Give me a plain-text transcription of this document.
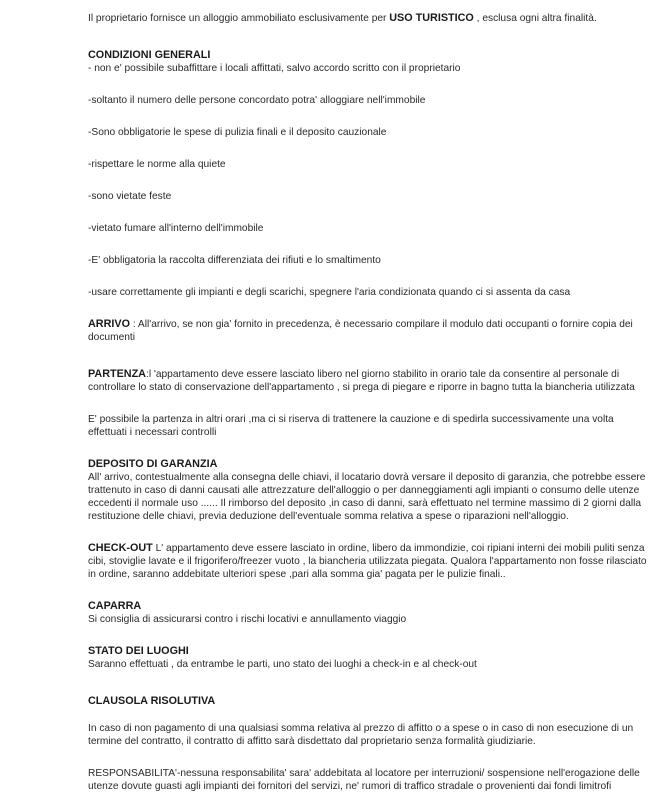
Il proprietario fornisce un alloggio ammobiliato esclusivamente per USO TURISTICO , esclusa ogni altra finalità.

CONDIZIONI GENERALI

- non e' possibile subaffittare i locali affittati, salvo accordo scritto con il proprietario

-soltanto il numero delle persone concordato potra' alloggiare nell'immobile

-Sono obbligatorie le spese di pulizia finali e il deposito cauzionale

-rispettare le norme alla quiete

-sono vietate feste

-vietato fumare all'interno dell'immobile

-E' obbligatoria la raccolta differenziata dei rifiuti e lo smaltimento

-usare correttamente gli impianti e degli scarichi, spegnere l'aria condizionata quando ci si assenta da casa

ARRIVO : All'arrivo, se non gia' fornito in precedenza, è necessario compilare il modulo dati occupanti o fornire copia dei documenti

PARTENZA:l 'appartamento deve essere lasciato libero nel giorno stabilito in orario tale da consentire al personale di controllare lo stato di conservazione dell'appartamento , si prega di piegare e riporre in bagno tutta la biancheria utilizzata

E' possibile la partenza in altri orari ,ma ci si riserva di trattenere la cauzione e di spedirla successivamente una volta effettuati i necessari controlli

DEPOSITO DI GARANZIA

All' arrivo, contestualmente alla consegna delle chiavi, il locatario dovrà versare il deposito di garanzia, che potrebbe essere trattenuto in caso di danni causati alle attrezzature dell'alloggio o per danneggiamenti agli impianti o consumo delle utenze eccedenti il normale uso ...... Il rimborso del deposito ,in caso di danni, sarà effettuato nel termine massimo di 2 giorni dalla restituzione delle chiavi, previa deduzione dell'eventuale somma relativa a spese o riparazioni nell'alloggio.

CHECK-OUT L' appartamento deve essere lasciato in ordine, libero da immondizie, coi ripiani interni dei mobili puliti senza cibi, stoviglie lavate e il frigorifero/freezer vuoto , la biancheria utilizzata piegata. Qualora l'appartamento non fosse rilasciato in ordine, saranno addebitate ulteriori spese ,pari alla somma gia' pagata per le pulizie finali..

CAPARRA

Si consiglia di assicurarsi contro i rischi locativi e annullamento viaggio

STATO DEI LUOGHI

Saranno effettuati , da entrambe le parti, uno stato dei luoghi a check-in e al check-out

CLAUSOLA RISOLUTIVA

In caso di non pagamento di una qualsiasi somma relativa al prezzo di affitto o a spese o in caso di non esecuzione di un termine del contratto, il contratto di affitto sarà disdettato dal proprietario senza formalità giudiziarie.

RESPONSABILITA'-nessuna responsabilita' sara' addebitata al locatore per interruzioni/ sospensione nell'erogazione delle utenze dovute guasti agli impianti dei fornitori del servizi, ne' rumori di traffico stradale o provenienti dai fondi limitrofi
